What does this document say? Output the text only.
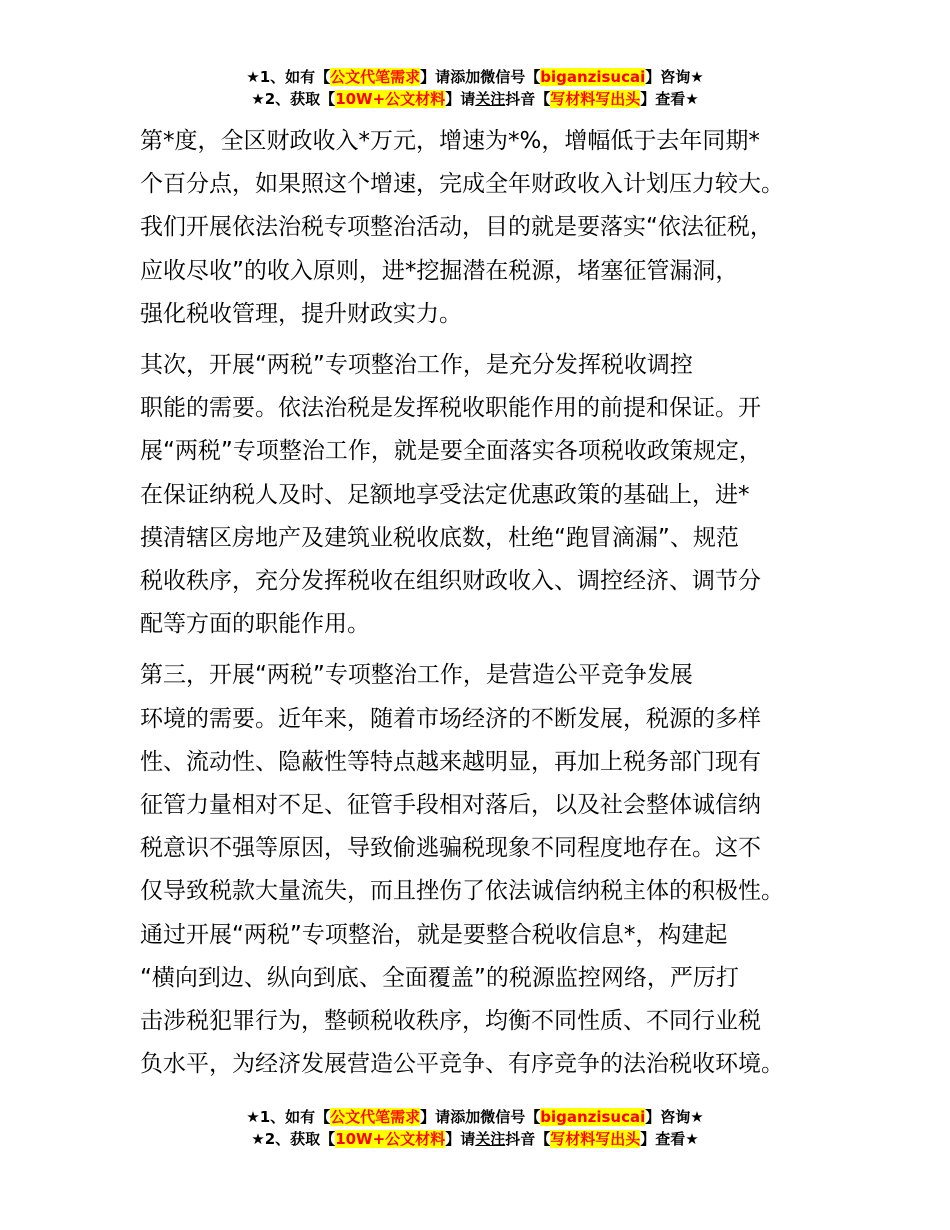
★1、如有【公文代笔需求】请添加微信号【biganzisucai】咨询★
★2、获取【10W+公文材料】请关注抖音【写材料写出头】查看★
第*度，全区财政收入*万元，增速为*%，增幅低于去年同期*
个百分点，如果照这个增速，完成全年财政收入计划压力较大。
我们开展依法治税专项整治活动，目的就是要落实“依法征税，
应收尽收”的收入原则，进*挖掘潜在税源，堵塞征管漏洞，
强化税收管理，提升财政实力。
其次，开展“两税”专项整治工作，是充分发挥税收调控
职能的需要。依法治税是发挥税收职能作用的前提和保证。开
展“两税”专项整治工作，就是要全面落实各项税收政策规定，
在保证纳税人及时、足额地享受法定优惠政策的基础上，进*
摸清辖区房地产及建筑业税收底数，杜绝“跑冒滴漏”、规范
税收秩序，充分发挥税收在组织财政收入、调控经济、调节分
配等方面的职能作用。
第三，开展“两税”专项整治工作，是营造公平竞争发展
环境的需要。近年来，随着市场经济的不断发展，税源的多样
性、流动性、隐蔽性等特点越来越明显，再加上税务部门现有
征管力量相对不足、征管手段相对落后，以及社会整体诚信纳
税意识不强等原因，导致偷逃骗税现象不同程度地存在。这不
仅导致税款大量流失，而且挫伤了依法诚信纳税主体的积极性。
通过开展“两税”专项整治，就是要整合税收信息*，构建起
“横向到边、纵向到底、全面覆盖”的税源监控网络，严厉打
击涉税犯罪行为，整顿税收秩序，均衡不同性质、不同行业税
负水平，为经济发展营造公平竞争、有序竞争的法治税收环境。
★1、如有【公文代笔需求】请添加微信号【biganzisucai】咨询★
★2、获取【10W+公文材料】请关注抖音【写材料写出头】查看★
